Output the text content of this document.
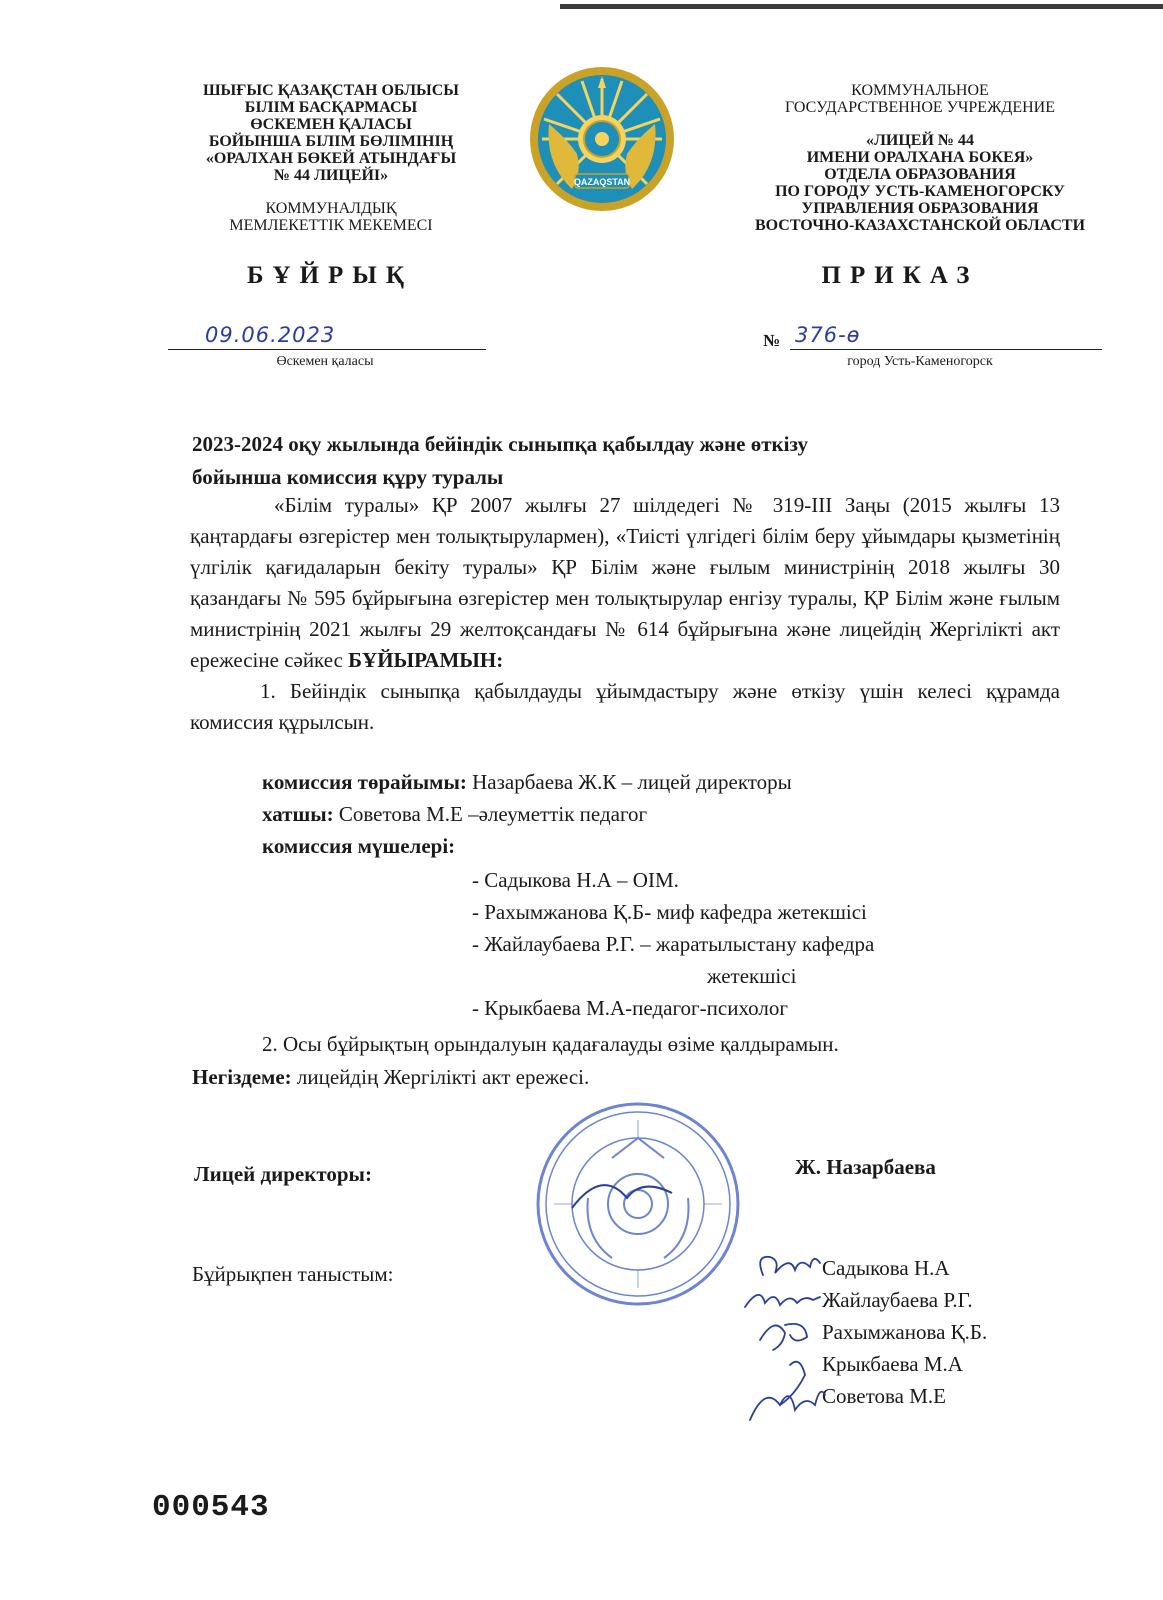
ШЫҒЫС ҚАЗАҚСТАН ОБЛЫСЫ
БІЛІМ БАСҚАРМАСЫ
ӨСКЕМЕН ҚАЛАСЫ
БОЙЫНША БІЛІМ БӨЛІМІНІҢ
«ОРАЛХАН БӨКЕЙ АТЫНДАҒЫ
№ 44 ЛИЦЕЙІ»
КОММУНАЛДЫҚ
МЕМЛЕКЕТТІК МЕКЕМЕСІ
КОММУНАЛЬНОЕ
ГОСУДАРСТВЕННОЕ УЧРЕЖДЕНИЕ
«ЛИЦЕЙ № 44
ИМЕНИ ОРАЛХАНА БОКЕЯ»
ОТДЕЛА ОБРАЗОВАНИЯ
ПО ГОРОДУ УСТЬ-КАМЕНОГОРСКУ
УПРАВЛЕНИЯ ОБРАЗОВАНИЯ
ВОСТОЧНО-КАЗАХСТАНСКОЙ ОБЛАСТИ
QAZAQSTAN
БҰЙРЫҚ	ПРИКАЗ
09.06.2023
Өскемен қаласы
№ 376-ө
город Усть-Каменогорск
2023-2024 оқу жылында бейіндік сыныпқа қабылдау және өткізу
бойынша комиссия құру туралы

«Білім туралы» ҚР 2007 жылғы 27 шілдедегі № 319-ІІІ Заңы (2015 жылғы 13 қаңтардағы өзгерістер мен толықтырулармен), «Тиісті үлгідегі білім беру ұйымдары қызметінің үлгілік қағидаларын бекіту туралы» ҚР Білім және ғылым министрінің 2018 жылғы 30 қазандағы № 595 бұйрығына өзгерістер мен толықтырулар енгізу туралы, ҚР Білім және ғылым министрінің 2021 жылғы 29 желтоқсандағы № 614 бұйрығына және лицейдің Жергілікті акт ережесіне сәйкес БҰЙЫРАМЫН:

1. Бейіндік сыныпқа қабылдауды ұйымдастыру және өткізу үшін келесі құрамда комиссия құрылсын.

комиссия төрайымы: Назарбаева Ж.К – лицей директоры
хатшы: Советова М.Е –әлеуметтік педагог
комиссия мүшелері:
- Садыкова Н.А – ОІМ.
- Рахымжанова Қ.Б- миф кафедра жетекшісі
- Жайлаубаева Р.Г. – жаратылыстану кафедра
жетекшісі
- Крыкбаева М.А-педагог-психолог
2. Осы бұйрықтың орындалуын қадағалауды өзіме қалдырамын.
Негіздеме: лицейдің Жергілікті акт ережесі.
Лицей директоры:	Ж. Назарбаева
Бұйрықпен таныстым:	Садыкова Н.А
Жайлаубаева Р.Г.
Рахымжанова Қ.Б.
Крыкбаева М.А
Советова М.Е
000543
